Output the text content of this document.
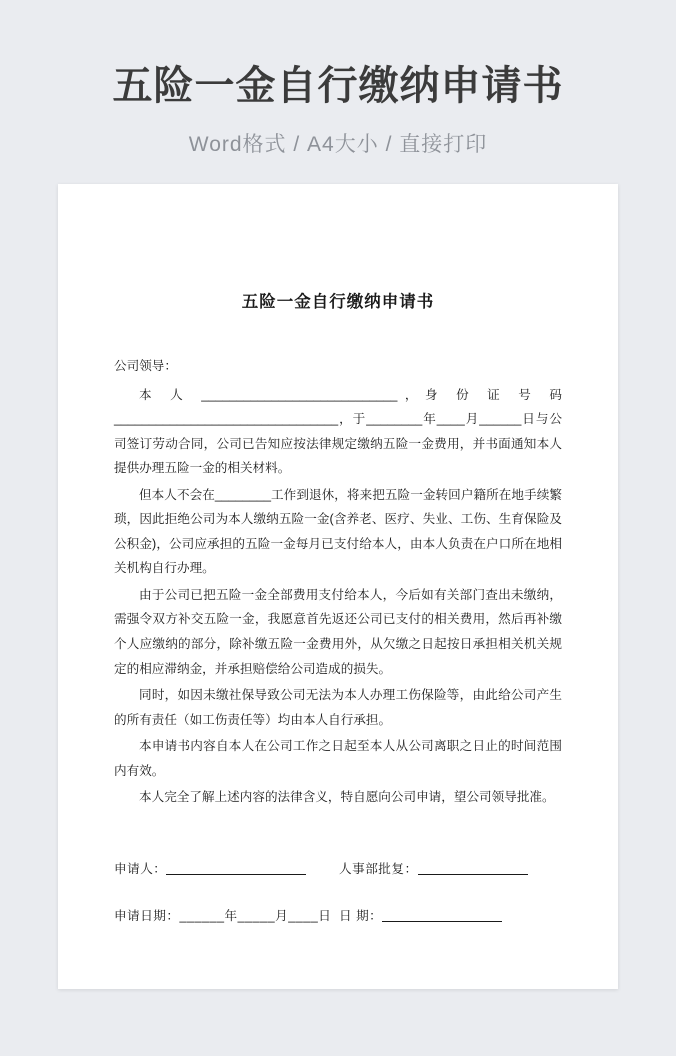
五险一金自行缴纳申请书
Word格式 / A4大小 / 直接打印
五险一金自行缴纳申请书
公司领导：

本 人 ____________________________，身 份 证 号 码________________________________，于________年____月______日与公司签订劳动合同，公司已告知应按法律规定缴纳五险一金费用，并书面通知本人提供办理五险一金的相关材料。

但本人不会在________工作到退休，将来把五险一金转回户籍所在地手续繁琐，因此拒绝公司为本人缴纳五险一金(含养老、医疗、失业、工伤、生育保险及公积金)，公司应承担的五险一金每月已支付给本人，由本人负责在户口所在地相关机构自行办理。

由于公司已把五险一金全部费用支付给本人，今后如有关部门查出未缴纳，需强令双方补交五险一金，我愿意首先返还公司已支付的相关费用，然后再补缴个人应缴纳的部分，除补缴五险一金费用外，从欠缴之日起按日承担相关机关规定的相应滞纳金，并承担赔偿给公司造成的损失。

同时，如因未缴社保导致公司无法为本人办理工伤保险等，由此给公司产生的所有责任（如工伤责任等）均由本人自行承担。

本申请书内容自本人在公司工作之日起至本人从公司离职之日止的时间范围内有效。

本人完全了解上述内容的法律含义，特自愿向公司申请，望公司领导批准。

申请人：	人事部批复：
申请日期：______年_____月____日 日 期：
